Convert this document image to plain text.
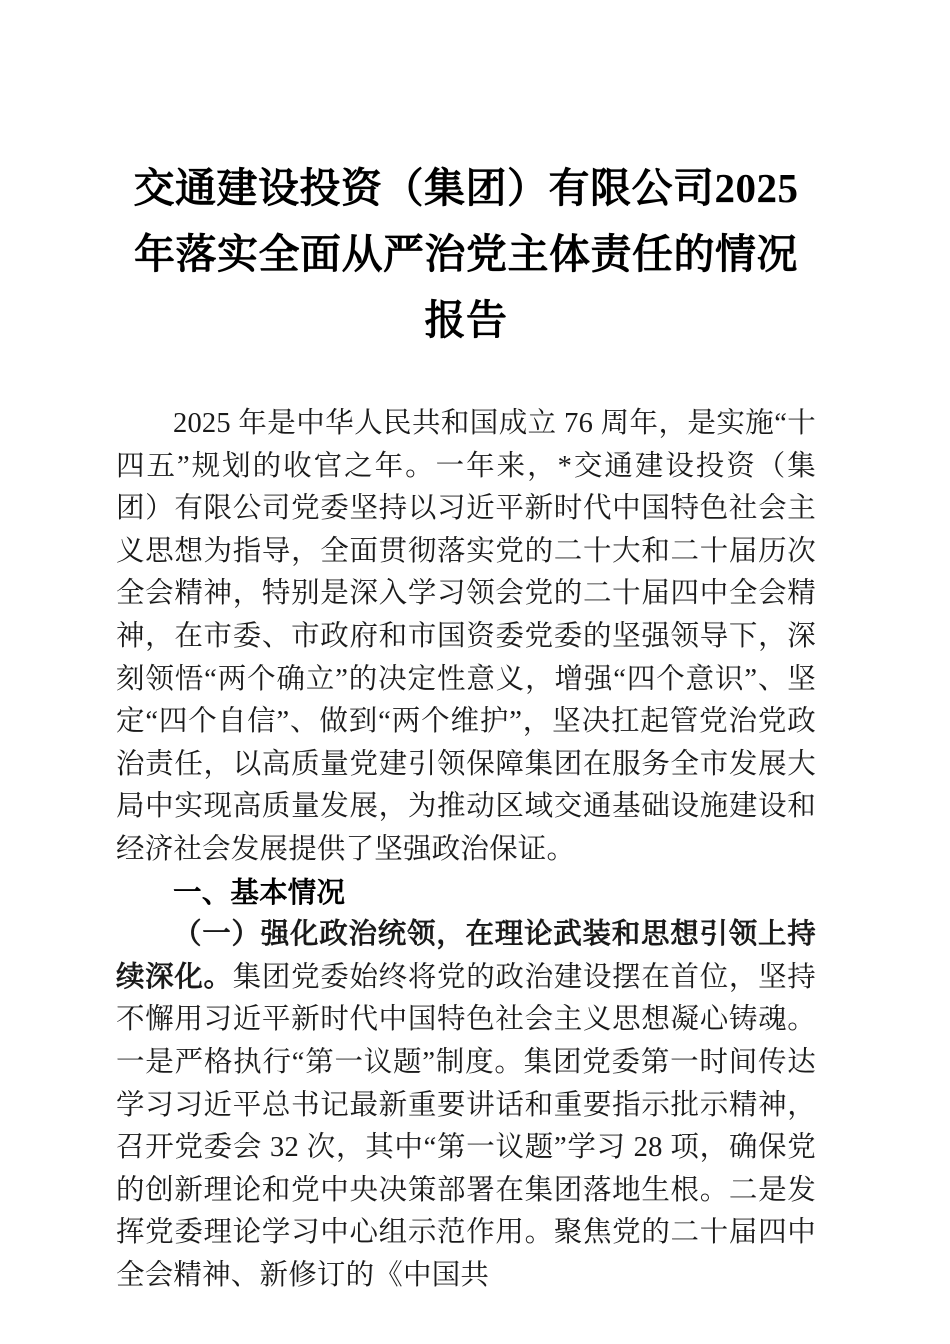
交通建设投资（集团）有限公司2025年落实全面从严治党主体责任的情况报告

2025 年是中华人民共和国成立 76 周年，是实施“十四五”规划的收官之年。一年来，*交通建设投资（集团）有限公司党委坚持以习近平新时代中国特色社会主义思想为指导，全面贯彻落实党的二十大和二十届历次全会精神，特别是深入学习领会党的二十届四中全会精神，在市委、市政府和市国资委党委的坚强领导下，深刻领悟“两个确立”的决定性意义，增强“四个意识”、坚定“四个自信”、做到“两个维护”，坚决扛起管党治党政治责任，以高质量党建引领保障集团在服务全市发展大局中实现高质量发展，为推动区域交通基础设施建设和经济社会发展提供了坚强政治保证。

一、基本情况

（一）强化政治统领，在理论武装和思想引领上持续深化。集团党委始终将党的政治建设摆在首位，坚持不懈用习近平新时代中国特色社会主义思想凝心铸魂。一是严格执行“第一议题”制度。集团党委第一时间传达学习习近平总书记最新重要讲话和重要指示批示精神，召开党委会 32 次，其中“第一议题”学习 28 项，确保党的创新理论和党中央决策部署在集团落地生根。二是发挥党委理论学习中心组示范作用。聚焦党的二十届四中全会精神、新修订的《中国共
